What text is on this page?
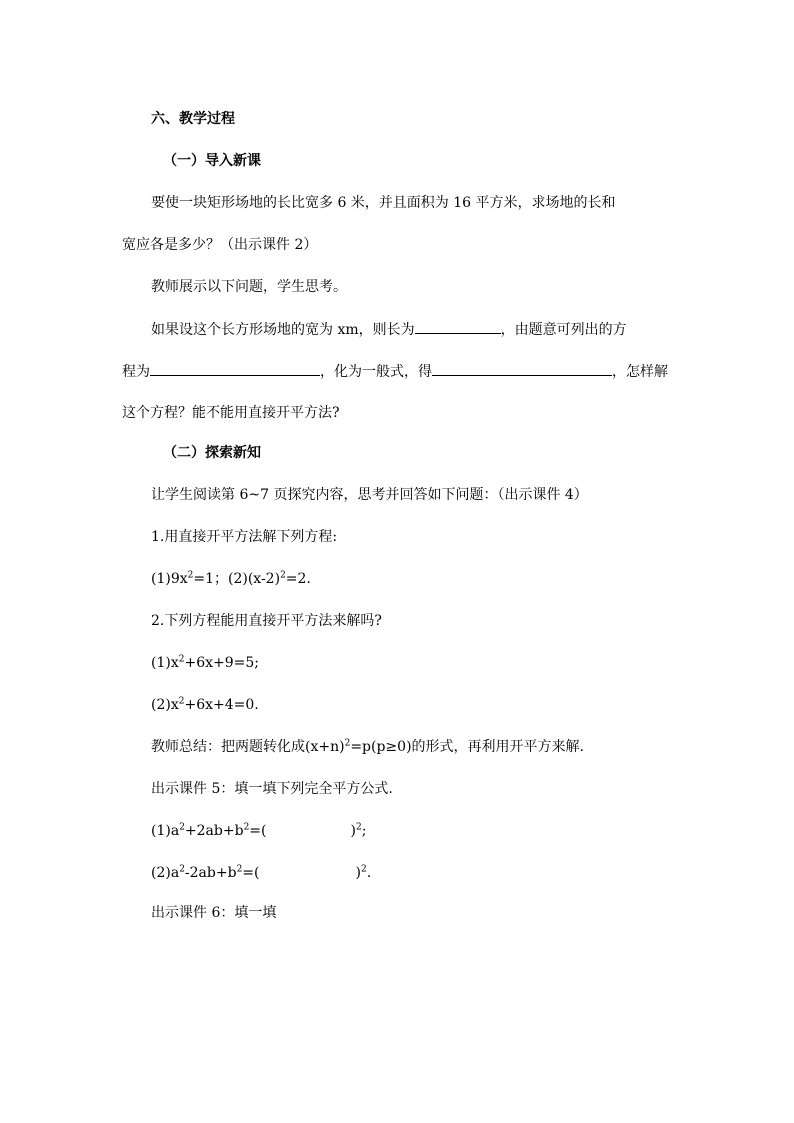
六、教学过程
（一）导入新课
要使一块矩形场地的长比宽多 6 米，并且面积为 16 平方米，求场地的长和
宽应各是多少？（出示课件 2）
教师展示以下问题，学生思考。
如果设这个长方形场地的宽为 xm，则长为	，由题意可列出的方
程为	，化为一般式，得	，怎样解
这个方程？能不能用直接开平方法?
（二）探索新知
让学生阅读第 6~7 页探究内容，思考并回答如下问题：（出示课件 4）
1.用直接开平方法解下列方程:
$(1)9x^2=1$；$(2)(x-2)^2=2$.
2.下列方程能用直接开平方法来解吗?
$(1)x^2+6x+9=5$;
$(2)x^2+6x+4=0$.
教师总结：把两题转化成$(x+n)^2=p(p\ge 0)$的形式，再利用开平方来解.
出示课件 5：填一填下列完全平方公式.
$(1)a^2+2ab+b^2=$(	)$^2$;
$(2)a^2-2ab+b^2=$(	)$^2$.
出示课件 6：填一填
